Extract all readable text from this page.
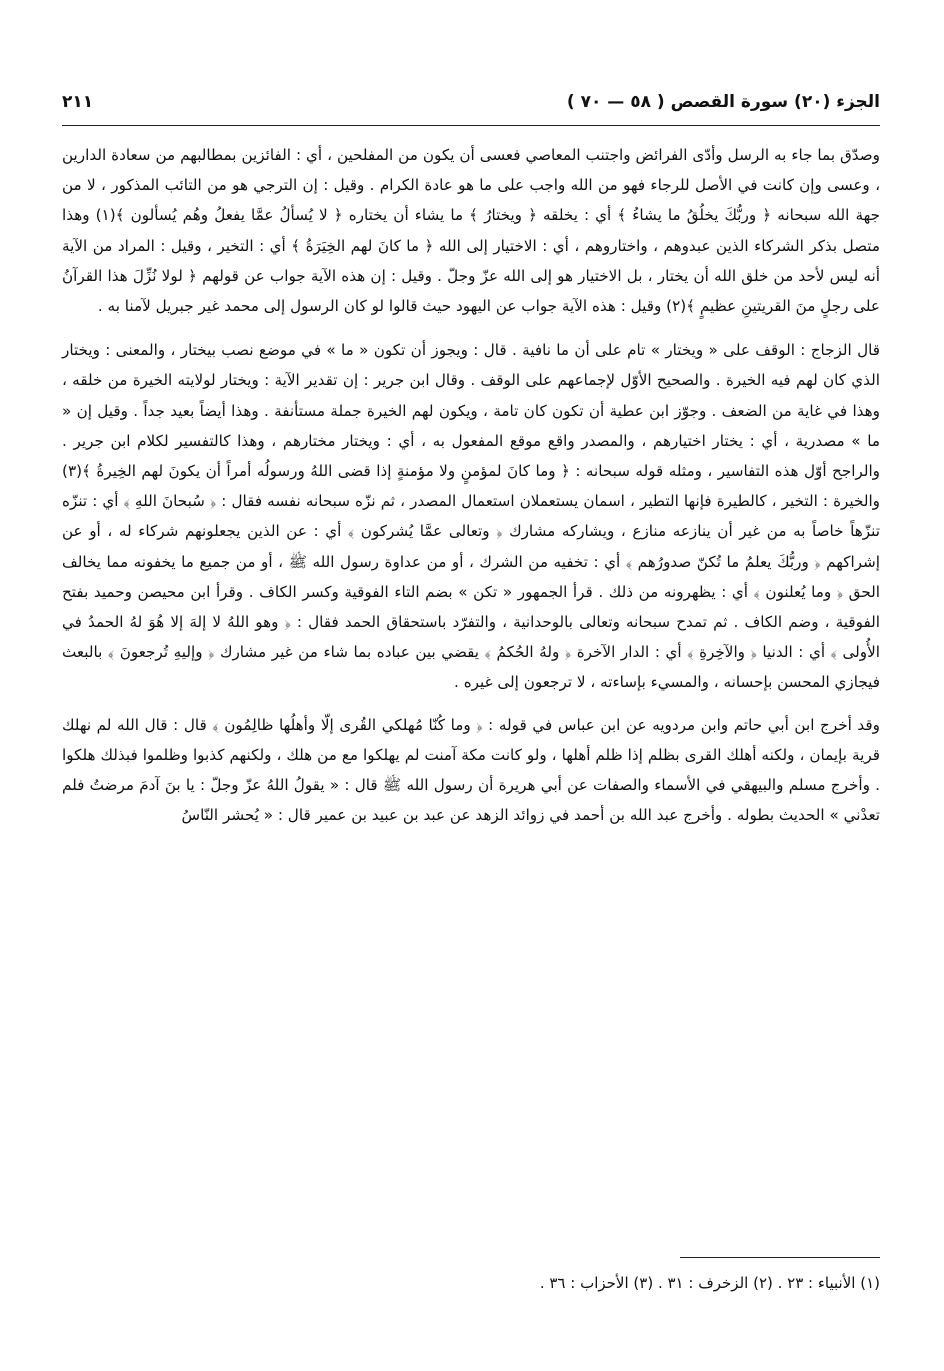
الجزء (٢٠) سورة القصص ( ٥٨ — ٧٠ )
٢١١

وصدّق بما جاء به الرسل وأدّى الفرائض واجتنب المعاصي فعسى أن يكون من المفلحين ، أي : الفائزين بمطالبهم من سعادة الدارين ، وعسى وإن كانت في الأصل للرجاء فهو من الله واجب على ما هو عادة الكرام . وقيل : إن الترجي هو من التائب المذكور ، لا من جهة الله سبحانه ﴿ وربُّكَ يخلُقُ ما يشاءُ ﴾ أي : يخلقه ﴿ ويختارُ ﴾ ما يشاء أن يختاره ﴿ لا يُسألُ عمَّا يفعلُ وهُم يُسألون ﴾(١) وهذا متصل بذكر الشركاء الذين عبدوهم ، واختاروهم ، أي : الاختيار إلى الله ﴿ ما كانَ لهم الخِيَرَةُ ﴾ أي : التخير ، وقيل : المراد من الآية أنه ليس لأحد من خلق الله أن يختار ، بل الاختيار هو إلى الله عزّ وجلّ . وقيل : إن هذه الآية جواب عن قولهم ﴿ لولا نُزِّلَ هذا القرآنُ على رجلٍ منَ القريتينِ عظيمٍ ﴾(٢) وقيل : هذه الآية جواب عن اليهود حيث قالوا لو كان الرسول إلى محمد غير جبريل لآمنا به .

قال الزجاج : الوقف على « ويختار » تام على أن ما نافية . قال : ويجوز أن تكون « ما » في موضع نصب بيختار ، والمعنى : ويختار الذي كان لهم فيه الخيرة . والصحيح الأوّل لإجماعهم على الوقف . وقال ابن جرير : إن تقدير الآية : ويختار لولايته الخيرة من خلقه ، وهذا في غاية من الضعف . وجوّز ابن عطية أن تكون كان تامة ، ويكون لهم الخيرة جملة مستأنفة . وهذا أيضاً بعيد جداً . وقيل إن « ما » مصدرية ، أي : يختار اختيارهم ، والمصدر واقع موقع المفعول به ، أي : ويختار مختارهم ، وهذا كالتفسير لكلام ابن جرير . والراجح أوّل هذه التفاسير ، ومثله قوله سبحانه : ﴿ وما كانَ لمؤمنٍ ولا مؤمنةٍ إذا قضى اللهُ ورسولُه أمراً أن يكونَ لهم الخِيرةُ ﴾(٣) والخيرة : التخير ، كالطيرة فإنها التطير ، اسمان يستعملان استعمال المصدر ، ثم نزّه سبحانه نفسه فقال : ﴿ سُبحانَ اللهِ ﴾ أي : تنزّه تنزّهاً خاصاً به من غير أن ينازعه منازع ، ويشاركه مشارك ﴿ وتعالى عمَّا يُشركون ﴾ أي : عن الذين يجعلونهم شركاء له ، أو عن إشراكهم ﴿ وربُّكَ يعلمُ ما تُكنّ صدورُهم ﴾ أي : تخفيه من الشرك ، أو من عداوة رسول الله ﷺ ، أو من جميع ما يخفونه مما يخالف الحق ﴿ وما يُعلنون ﴾ أي : يظهرونه من ذلك . قرأ الجمهور « تكن » بضم التاء الفوقية وكسر الكاف . وقرأ ابن محيصن وحميد بفتح الفوقية ، وضم الكاف . ثم تمدح سبحانه وتعالى بالوحدانية ، والتفرّد باستحقاق الحمد فقال : ﴿ وهو اللهُ لا إلهَ إلا هُوَ لهُ الحمدُ في الأُولى ﴾ أي : الدنيا ﴿ والآخِرةِ ﴾ أي : الدار الآخرة ﴿ ولهُ الحُكمُ ﴾ يقضي بين عباده بما شاء من غير مشارك ﴿ وإليهِ تُرجعونَ ﴾ بالبعث فيجازي المحسن بإحسانه ، والمسيء بإساءته ، لا ترجعون إلى غيره .

وقد أخرج ابن أبي حاتم وابن مردويه عن ابن عباس في قوله : ﴿ وما كُنّا مُهلكي القُرى إلّا وأهلُها ظالِمُون ﴾ قال : قال الله لم نهلك قرية بإيمان ، ولكنه أهلك القرى بظلم إذا ظلم أهلها ، ولو كانت مكة آمنت لم يهلكوا مع من هلك ، ولكنهم كذبوا وظلموا فبذلك هلكوا . وأخرج مسلم والبيهقي في الأسماء والصفات عن أبي هريرة أن رسول الله ﷺ قال : « يقولُ اللهُ عزّ وجلّ : يا بنَ آدمَ مرضتُ فلم تعدْني » الحديث بطوله . وأخرج عبد الله بن أحمد في زوائد الزهد عن عبد بن عبيد بن عمير قال : « يُحشر النّاسُ

(١) الأنبياء : ٢٣ . (٢) الزخرف : ٣١ . (٣) الأحزاب : ٣٦ .
